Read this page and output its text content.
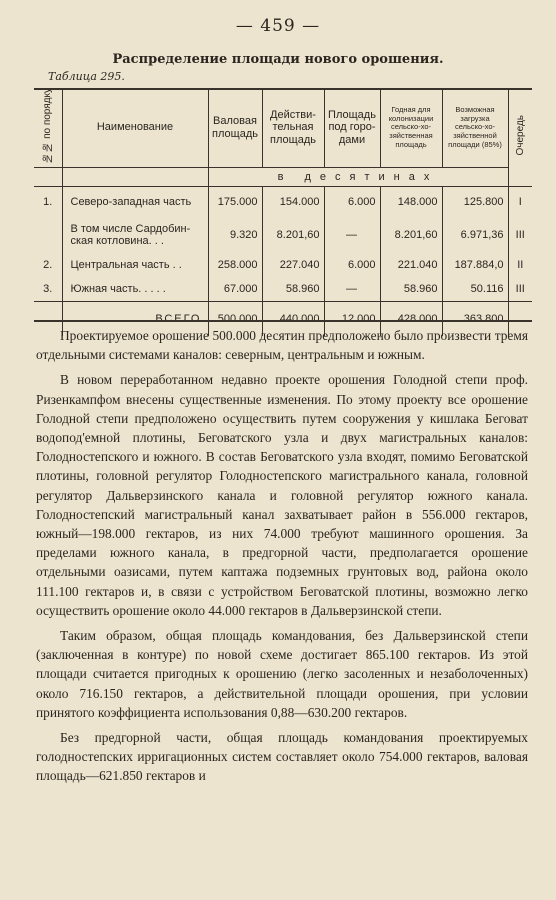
— 459 —
Распределение площади нового орошения.
Таблица 295.
№№ по порядку	Наименование	Валовая площадь	Действи- тельная площадь	Площадь под горо- дами	Годная для колонизации сельско-хо- зяйственная площадь	Возможная загрузка сельско-хо- зяйственной площади (85%)	Очередь
		в десятинах					
1.	Северо-западная часть	175.000	154.000	6.000	148.000	125.800	I
	В том числе Сардобин- ская котловина. . .	9.320	8.201,60	—	8.201,60	6.971,36	III
2.	Центральная часть . .	258.000	227.040	6.000	221.040	187.884,0	II
3.	Южная часть. . . . .	67.000	58.960	—	58.960	50.116	III
	ВСЕГО	500.000	440.000	12.000	428.000	363.800	

Проектируемое орошение 500.000 десятин предположено было произвести тремя отдельными системами каналов: северным, центральным и южным.

В новом переработанном недавно проекте орошения Голодной степи проф. Ризенкампфом внесены существенные изменения. По этому проекту все орошение Голодной степи предположено осуществить путем сооружения у кишлака Беговат водопод'емной плотины, Беговатского узла и двух магистральных каналов: Голодностепского и южного. В состав Беговатского узла входят, помимо Беговатской плотины, головной регулятор Голодностепского магистрального канала, головной регулятор Дальверзинского канала и головной регулятор южного канала. Голодностепский магистральный канал захватывает район в 556.000 гектаров, южный—198.000 гектаров, из них 74.000 требуют машинного орошения. За пределами южного канала, в предгорной части, предполагается орошение отдельными оазисами, путем каптажа подземных грунтовых вод, района около 111.100 гектаров и, в связи с устройством Беговатской плотины, возможно легко осуществить орошение около 44.000 гектаров в Дальверзинской степи.

Таким образом, общая площадь командования, без Дальверзинской степи (заключенная в контуре) по новой схеме достигает 865.100 гектаров. Из этой площади считается пригодных к орошению (легко засоленных и незаболоченных) около 716.150 гектаров, а действительной площади орошения, при условии принятого коэффициента использования 0,88—630.200 гектаров.

Без предгорной части, общая площадь командования проектируемых голодностепских ирригационных систем составляет около 754.000 гектаров, валовая площадь—621.850 гектаров и
